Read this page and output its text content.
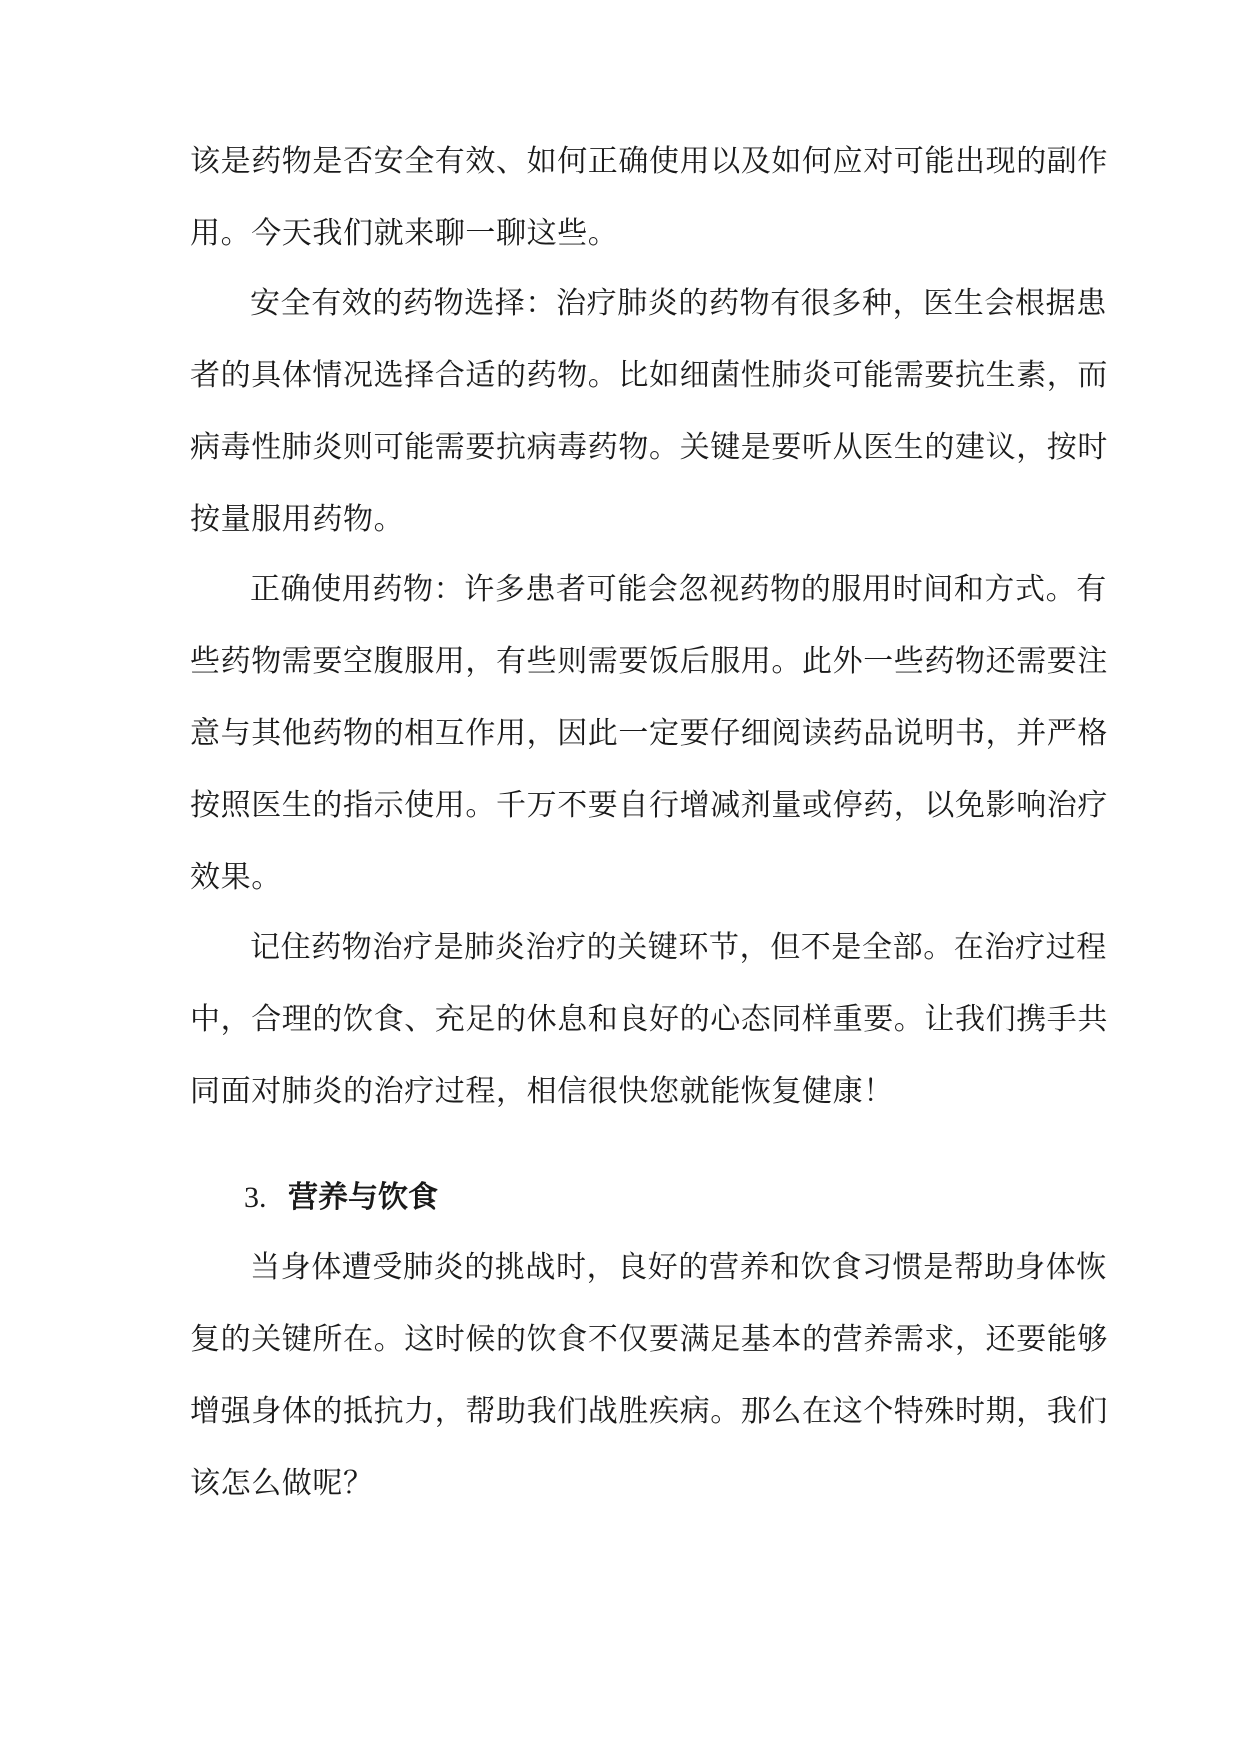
该是药物是否安全有效、如何正确使用以及如何应对可能出现的副作
用。今天我们就来聊一聊这些。
安全有效的药物选择：治疗肺炎的药物有很多种，医生会根据患
者的具体情况选择合适的药物。比如细菌性肺炎可能需要抗生素，而
病毒性肺炎则可能需要抗病毒药物。关键是要听从医生的建议，按时
按量服用药物。
正确使用药物：许多患者可能会忽视药物的服用时间和方式。有
些药物需要空腹服用，有些则需要饭后服用。此外一些药物还需要注
意与其他药物的相互作用，因此一定要仔细阅读药品说明书，并严格
按照医生的指示使用。千万不要自行增减剂量或停药，以免影响治疗
效果。
记住药物治疗是肺炎治疗的关键环节，但不是全部。在治疗过程
中，合理的饮食、充足的休息和良好的心态同样重要。让我们携手共
同面对肺炎的治疗过程，相信很快您就能恢复健康！
3. 营养与饮食
当身体遭受肺炎的挑战时，良好的营养和饮食习惯是帮助身体恢
复的关键所在。这时候的饮食不仅要满足基本的营养需求，还要能够
增强身体的抵抗力，帮助我们战胜疾病。那么在这个特殊时期，我们
该怎么做呢？
